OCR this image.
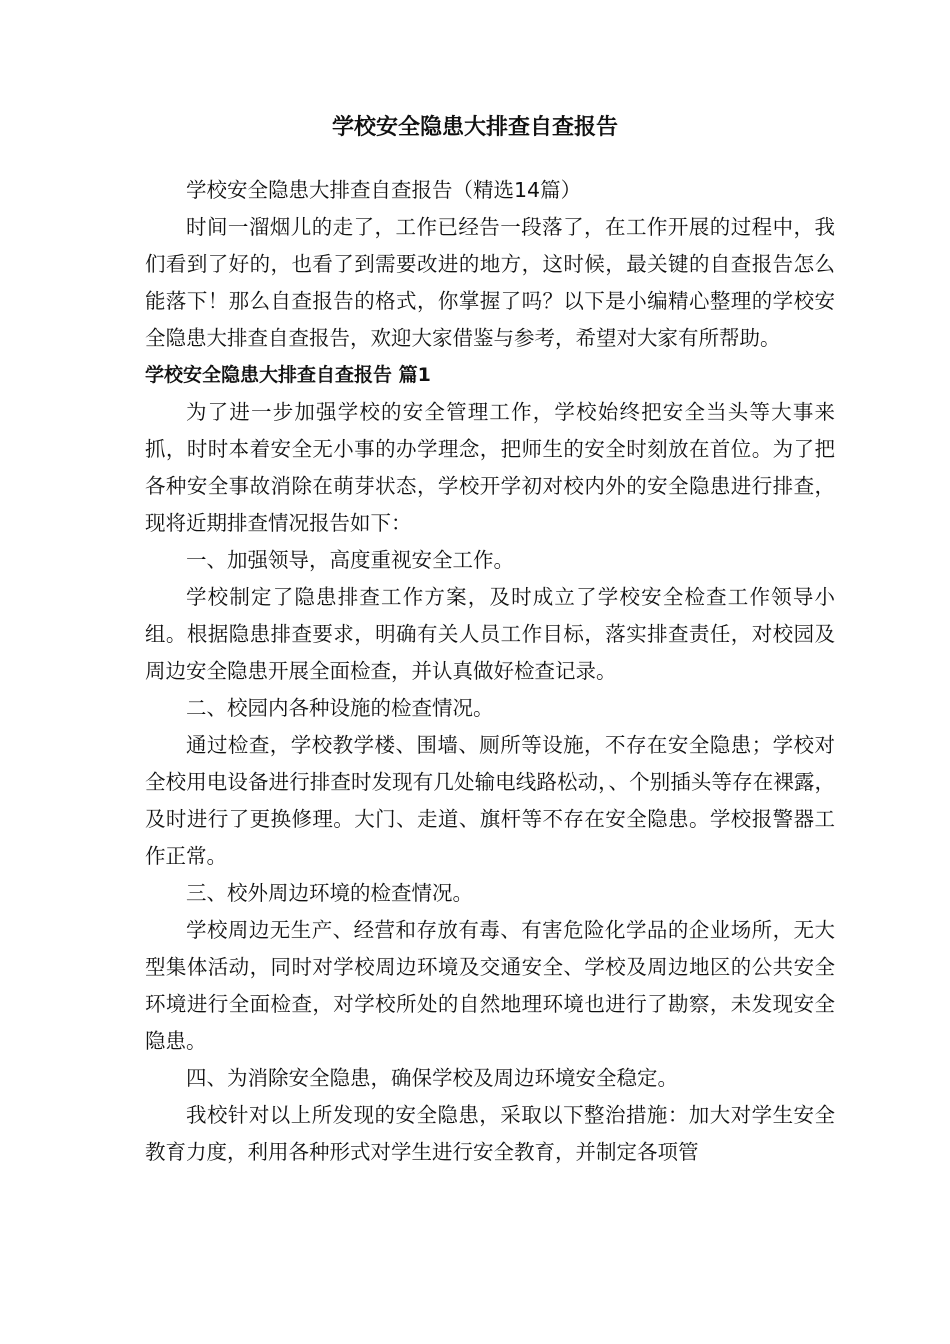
学校安全隐患大排查自查报告

学校安全隐患大排查自查报告（精选14篇）

时间一溜烟儿的走了，工作已经告一段落了，在工作开展的过程中，我们看到了好的，也看了到需要改进的地方，这时候，最关键的自查报告怎么能落下！那么自查报告的格式，你掌握了吗？以下是小编精心整理的学校安全隐患大排查自查报告，欢迎大家借鉴与参考，希望对大家有所帮助。

学校安全隐患大排查自查报告 篇1

为了进一步加强学校的安全管理工作，学校始终把安全当头等大事来抓，时时本着安全无小事的办学理念，把师生的安全时刻放在首位。为了把各种安全事故消除在萌芽状态，学校开学初对校内外的安全隐患进行排查，现将近期排查情况报告如下：

一、加强领导，高度重视安全工作。

学校制定了隐患排查工作方案，及时成立了学校安全检查工作领导小组。根据隐患排查要求，明确有关人员工作目标，落实排查责任，对校园及周边安全隐患开展全面检查，并认真做好检查记录。

二、校园内各种设施的检查情况。

通过检查，学校教学楼、围墙、厕所等设施，不存在安全隐患；学校对全校用电设备进行排查时发现有几处输电线路松动，、个别插头等存在裸露，及时进行了更换修理。大门、走道、旗杆等不存在安全隐患。学校报警器工作正常。

三、校外周边环境的检查情况。

学校周边无生产、经营和存放有毒、有害危险化学品的企业场所，无大型集体活动，同时对学校周边环境及交通安全、学校及周边地区的公共安全环境进行全面检查，对学校所处的自然地理环境也进行了勘察，未发现安全隐患。

四、为消除安全隐患，确保学校及周边环境安全稳定。

我校针对以上所发现的安全隐患，采取以下整治措施：加大对学生安全教育力度，利用各种形式对学生进行安全教育，并制定各项管
